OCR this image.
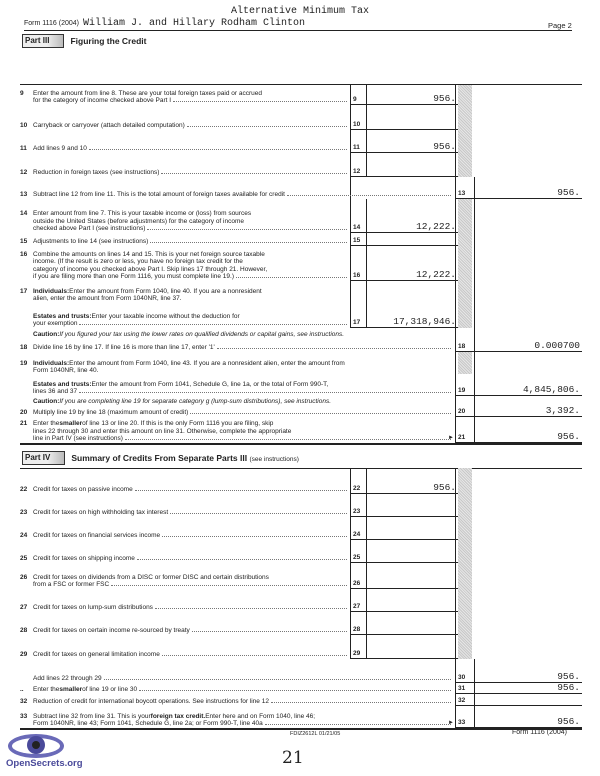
Alternative Minimum Tax
Form 1116 (2004) William J. and Hillary Rodham Clinton	Page 2
Part III	Figuring the Credit
9 Enter the amount from line 8. These are your total foreign taxes paid or accrued
for the category of income checked above Part I	9	956.
10 Carryback or carryover (attach detailed computation)	10
11 Add lines 9 and 10	11	956.
12 Reduction in foreign taxes (see instructions)	12
13 Subtract line 12 from line 11. This is the total amount of foreign taxes available for credit	13	956.
14 Enter amount from line 7. This is your taxable income or (loss) from sources
outside the United States (before adjustments) for the category of income
checked above Part I (see instructions)	14	12,222.
15 Adjustments to line 14 (see instructions)	15
16 Combine the amounts on lines 14 and 15. This is your net foreign source taxable
income. (If the result is zero or less, you have no foreign tax credit for the
category of income you checked above Part I. Skip lines 17 through 21. However,
if you are filing more than one Form 1116, you must complete line 19.)	16	12,222.
17 Individuals: Enter the amount from Form 1040, line 40. If you are a nonresident
alien, enter the amount from Form 1040NR, line 37.
Estates and trusts: Enter your taxable income without the deduction for
your exemption	17	17,318,946.
Caution: If you figured your tax using the lower rates on qualified dividends or capital gains, see instructions.
18 Divide line 16 by line 17. If line 16 is more than line 17, enter '1'	18	0.000700
19 Individuals: Enter the amount from Form 1040, line 43. If you are a nonresident alien, enter the amount from
Form 1040NR, line 40.
Estates and trusts: Enter the amount from Form 1041, Schedule G, line 1a, or the total of Form 990-T,
lines 36 and 37	19	4,845,806.
Caution: If you are completing line 19 for separate category g (lump-sum distributions), see instructions.
20 Multiply line 19 by line 18 (maximum amount of credit)	20	3,392.
21 Enter the smaller of line 13 or line 20. If this is the only Form 1116 you are filing, skip
lines 22 through 30 and enter this amount on line 31. Otherwise, complete the appropriate
line in Part IV (see instructions)	► 21	956.
Part IV	Summary of Credits From Separate Parts III (see instructions)
22 Credit for taxes on passive income	22	956.
23 Credit for taxes on high withholding tax interest	23
24 Credit for taxes on financial services income	24
25 Credit for taxes on shipping income	25
26 Credit for taxes on dividends from a DISC or former DISC and certain distributions
from a FSC or former FSC	26
27 Credit for taxes on lump-sum distributions	27
28 Credit for taxes on certain income re-sourced by treaty	28
29 Credit for taxes on general limitation income	29
Add lines 22 through 29	30	956.
.. Enter the smaller of line 19 or line 30	31	956.
32 Reduction of credit for international boycott operations. See instructions for line 12	32
33 Subtract line 32 from line 31. This is your foreign tax credit. Enter here and on Form 1040, line 46;
Form 1040NR, line 43; Form 1041, Schedule G, line 2a; or Form 990-T, line 40a	► 33	956.
FDIZ2612L 01/21/05	Form 1116 (2004)
21
OpenSecrets.org
